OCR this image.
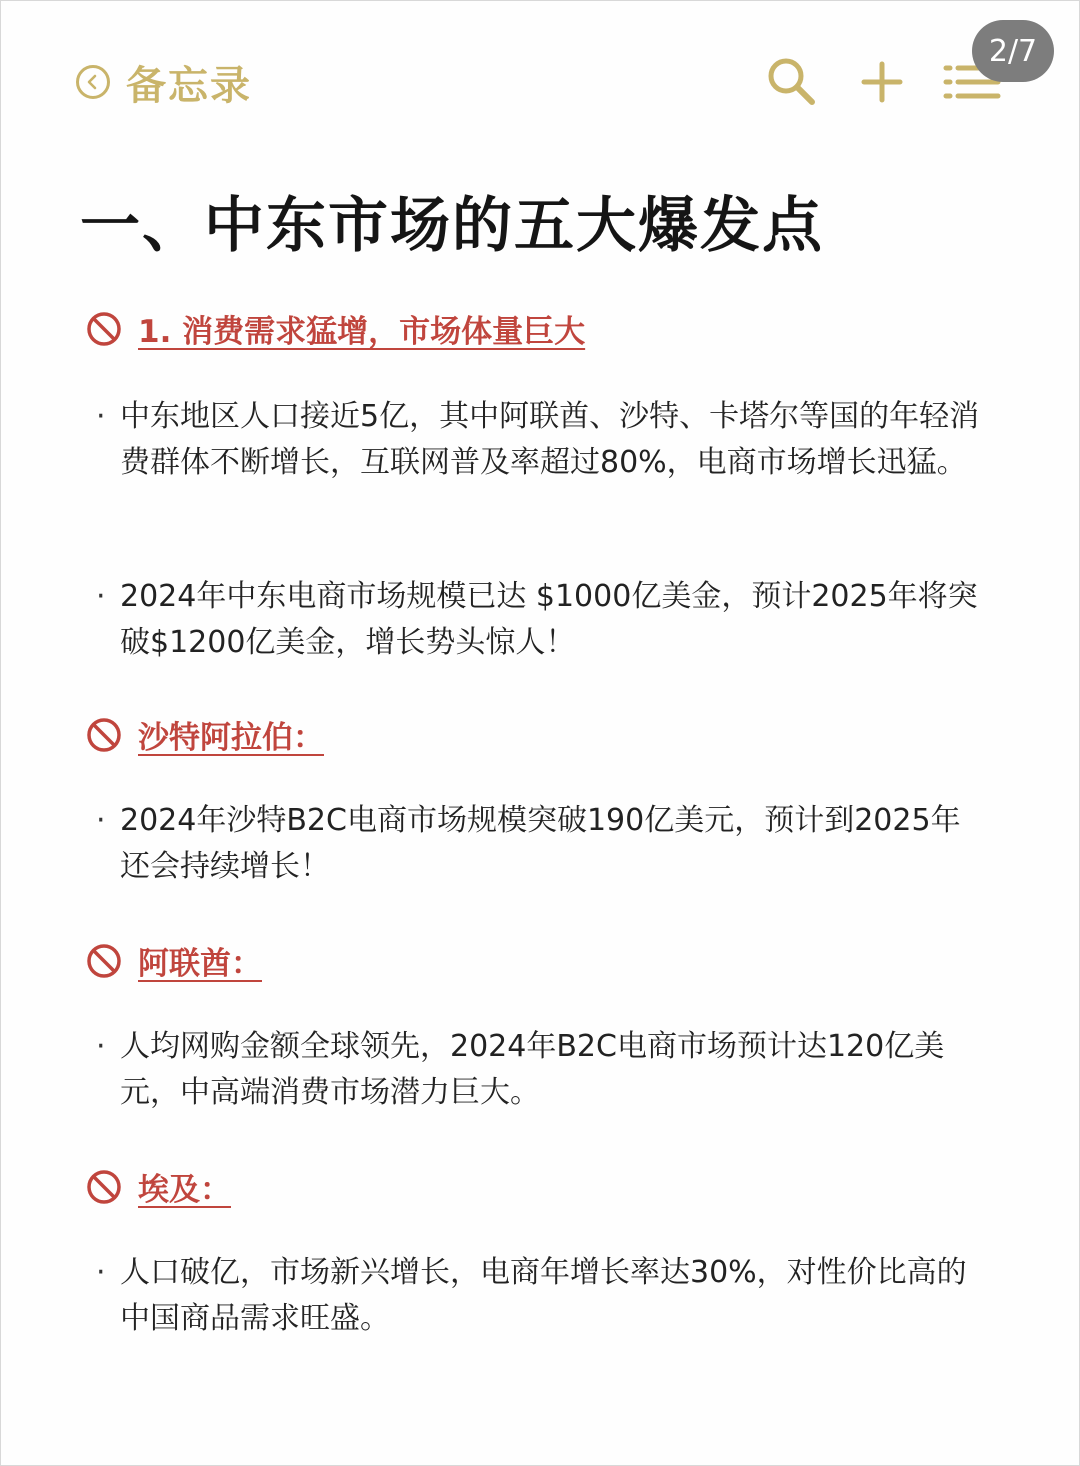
备忘录
2/7
一、中东市场的五大爆发点
1. 消费需求猛增，市场体量巨大
· 中东地区人口接近5亿，其中阿联酋、沙特、卡塔尔等国的年轻消费群体不断增长，互联网普及率超过80%，电商市场增长迅猛。
· 2024年中东电商市场规模已达 $1000亿美金，预计2025年将突破$1200亿美金，增长势头惊人！
沙特阿拉伯：
· 2024年沙特B2C电商市场规模突破190亿美元，预计到2025年还会持续增长！
阿联酋：
· 人均网购金额全球领先，2024年B2C电商市场预计达120亿美元，中高端消费市场潜力巨大。
埃及：
· 人口破亿，市场新兴增长，电商年增长率达30%，对性价比高的中国商品需求旺盛。
